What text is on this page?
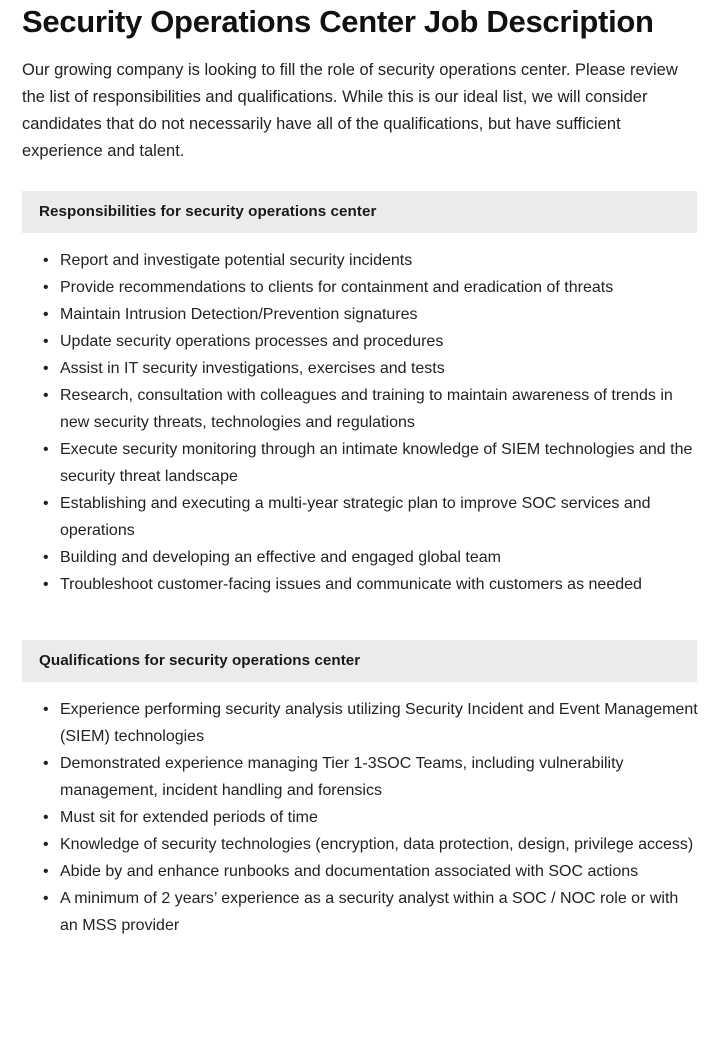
Security Operations Center Job Description

Our growing company is looking to fill the role of security operations center. Please review the list of responsibilities and qualifications. While this is our ideal list, we will consider candidates that do not necessarily have all of the qualifications, but have sufficient experience and talent.

Responsibilities for security operations center
• Report and investigate potential security incidents
• Provide recommendations to clients for containment and eradication of threats
• Maintain Intrusion Detection/Prevention signatures
• Update security operations processes and procedures
• Assist in IT security investigations, exercises and tests
• Research, consultation with colleagues and training to maintain awareness of trends in new security threats, technologies and regulations
• Execute security monitoring through an intimate knowledge of SIEM technologies and the security threat landscape
• Establishing and executing a multi-year strategic plan to improve SOC services and operations
• Building and developing an effective and engaged global team
• Troubleshoot customer-facing issues and communicate with customers as needed
Qualifications for security operations center
• Experience performing security analysis utilizing Security Incident and Event Management (SIEM) technologies
• Demonstrated experience managing Tier 1-3SOC Teams, including vulnerability management, incident handling and forensics
• Must sit for extended periods of time
• Knowledge of security technologies (encryption, data protection, design, privilege access)
• Abide by and enhance runbooks and documentation associated with SOC actions
• A minimum of 2 years’ experience as a security analyst within a SOC / NOC role or with an MSS provider
